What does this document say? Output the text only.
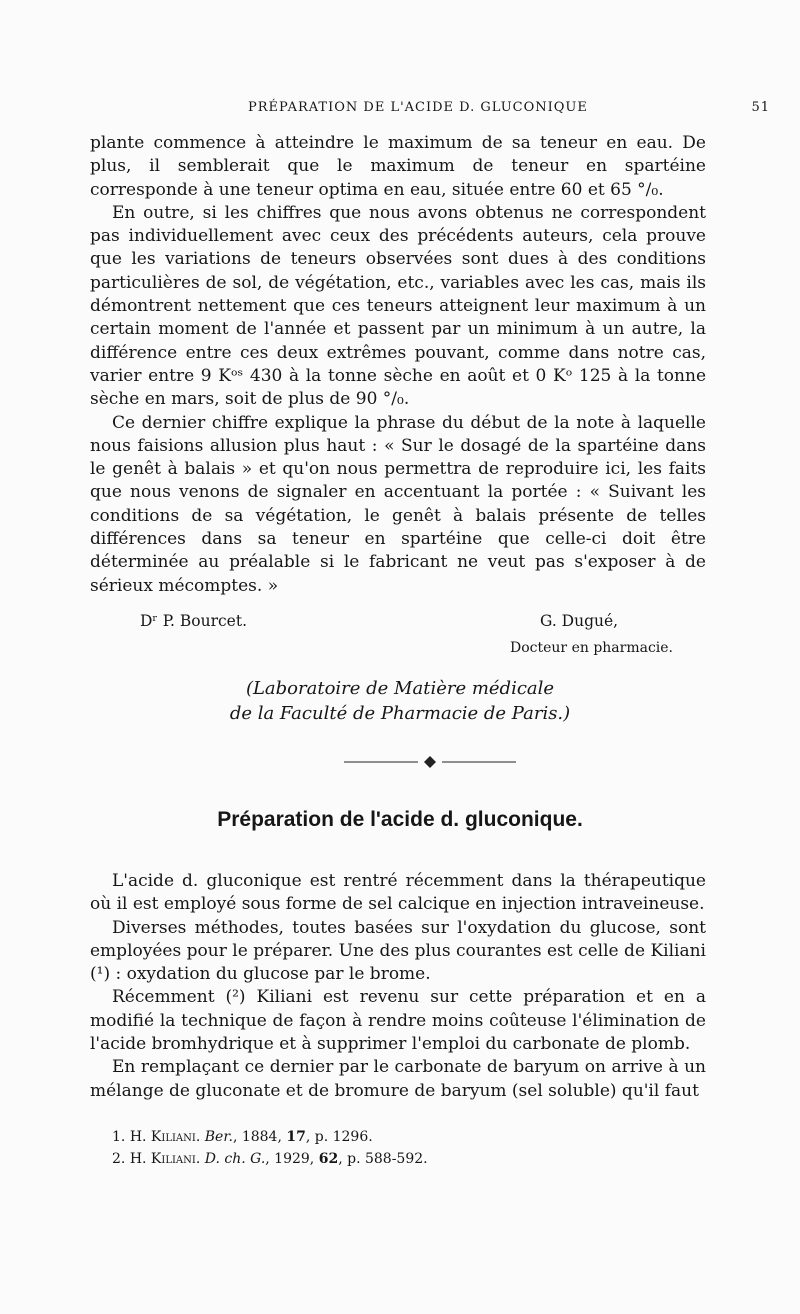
PRÉPARATION DE L'ACIDE D. GLUCONIQUE	51

plante commence à atteindre le maximum de sa teneur en eau. De plus, il semblerait que le maximum de teneur en spartéine corresponde à une teneur optima en eau, située entre 60 et 65 °/₀.

En outre, si les chiffres que nous avons obtenus ne correspondent pas individuellement avec ceux des précédents auteurs, cela prouve que les variations de teneurs observées sont dues à des conditions particulières de sol, de végétation, etc., variables avec les cas, mais ils démontrent nettement que ces teneurs atteignent leur maximum à un certain moment de l'année et passent par un minimum à un autre, la différence entre ces deux extrêmes pouvant, comme dans notre cas, varier entre 9 Kᵒˢ 430 à la tonne sèche en août et 0 Kᵒ 125 à la tonne sèche en mars, soit de plus de 90 °/₀.

Ce dernier chiffre explique la phrase du début de la note à laquelle nous faisions allusion plus haut : « Sur le dosagé de la spartéine dans le genêt à balais » et qu'on nous permettra de reproduire ici, les faits que nous venons de signaler en accentuant la portée : « Suivant les conditions de sa végétation, le genêt à balais présente de telles différences dans sa teneur en spartéine que celle-ci doit être déterminée au préalable si le fabricant ne veut pas s'exposer à de sérieux mécomptes. »

Dʳ P. Bourcet.	G. Dugué,
Docteur en pharmacie.
(Laboratoire de Matière médicale
de la Faculté de Pharmacie de Paris.)
Préparation de l'acide d. gluconique.

L'acide d. gluconique est rentré récemment dans la thérapeutique où il est employé sous forme de sel calcique en injection intraveineuse.

Diverses méthodes, toutes basées sur l'oxydation du glucose, sont employées pour le préparer. Une des plus courantes est celle de Kiliani (¹) : oxydation du glucose par le brome.

Récemment (²) Kiliani est revenu sur cette préparation et en a modifié la technique de façon à rendre moins coûteuse l'élimination de l'acide bromhydrique et à supprimer l'emploi du carbonate de plomb.

En remplaçant ce dernier par le carbonate de baryum on arrive à un mélange de gluconate et de bromure de baryum (sel soluble) qu'il faut

1. H. Kiliani. Ber., 1884, 17, p. 1296.
2. H. Kiliani. D. ch. G., 1929, 62, p. 588-592.
